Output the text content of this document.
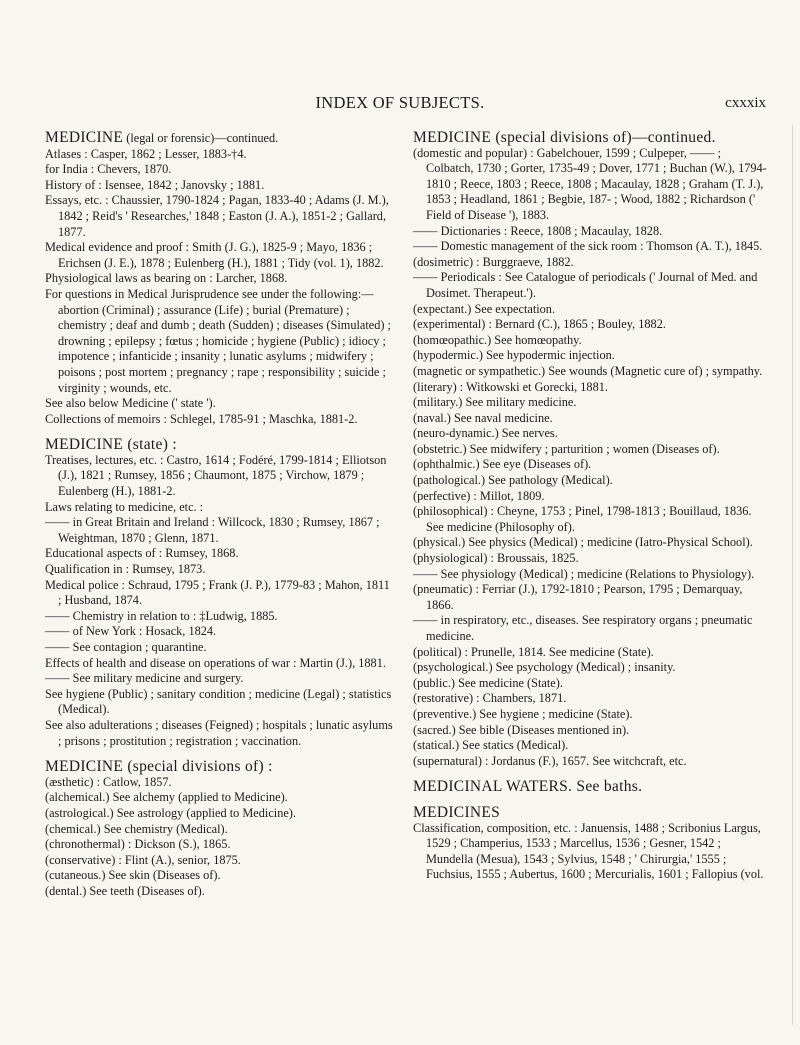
INDEX OF SUBJECTS.	cxxxix

MEDICINE (legal or forensic)—continued.

Atlases : Casper, 1862 ; Lesser, 1883-†4.

for India : Chevers, 1870.

History of : Isensee, 1842 ; Janovsky ; 1881.

Essays, etc. : Chaussier, 1790-1824 ; Pagan, 1833-40 ; Adams (J. M.), 1842 ; Reid's ' Researches,' 1848 ; Easton (J. A.), 1851-2 ; Gallard, 1877.

Medical evidence and proof : Smith (J. G.), 1825-9 ; Mayo, 1836 ; Erichsen (J. E.), 1878 ; Eulenberg (H.), 1881 ; Tidy (vol. 1), 1882.

Physiological laws as bearing on : Larcher, 1868.

For questions in Medical Jurisprudence see under the following:—abortion (Criminal) ; assurance (Life) ; burial (Premature) ; chemistry ; deaf and dumb ; death (Sudden) ; diseases (Simulated) ; drowning ; epilepsy ; fœtus ; homicide ; hygiene (Public) ; idiocy ; impotence ; infanticide ; insanity ; lunatic asylums ; midwifery ; poisons ; post mortem ; pregnancy ; rape ; responsibility ; suicide ; virginity ; wounds, etc.

See also below Medicine (' state ').

Collections of memoirs : Schlegel, 1785-91 ; Maschka, 1881-2.

MEDICINE (state) :

Treatises, lectures, etc. : Castro, 1614 ; Fodéré, 1799-1814 ; Elliotson (J.), 1821 ; Rumsey, 1856 ; Chaumont, 1875 ; Virchow, 1879 ; Eulenberg (H.), 1881-2.

Laws relating to medicine, etc. :

—— in Great Britain and Ireland : Willcock, 1830 ; Rumsey, 1867 ; Weightman, 1870 ; Glenn, 1871.

Educational aspects of : Rumsey, 1868.

Qualification in : Rumsey, 1873.

Medical police : Schraud, 1795 ; Frank (J. P.), 1779-83 ; Mahon, 1811 ; Husband, 1874.

—— Chemistry in relation to : ‡Ludwig, 1885.

—— of New York : Hosack, 1824.

—— See contagion ; quarantine.

Effects of health and disease on operations of war : Martin (J.), 1881.

—— See military medicine and surgery.

See hygiene (Public) ; sanitary condition ; medicine (Legal) ; statistics (Medical).

See also adulterations ; diseases (Feigned) ; hospitals ; lunatic asylums ; prisons ; prostitution ; registration ; vaccination.

MEDICINE (special divisions of) :

(æsthetic) : Catlow, 1857.

(alchemical.) See alchemy (applied to Medicine).

(astrological.) See astrology (applied to Medicine).

(chemical.) See chemistry (Medical).

(chronothermal) : Dickson (S.), 1865.

(conservative) : Flint (A.), senior, 1875.

(cutaneous.) See skin (Diseases of).

(dental.) See teeth (Diseases of).

MEDICINE (special divisions of)—continued.

(domestic and popular) : Gabelchouer, 1599 ; Culpeper, —— ; Colbatch, 1730 ; Gorter, 1735-49 ; Dover, 1771 ; Buchan (W.), 1794-1810 ; Reece, 1803 ; Reece, 1808 ; Macaulay, 1828 ; Graham (T. J.), 1853 ; Headland, 1861 ; Begbie, 187- ; Wood, 1882 ; Richardson (' Field of Disease '), 1883.

—— Dictionaries : Reece, 1808 ; Macaulay, 1828.

—— Domestic management of the sick room : Thomson (A. T.), 1845.

(dosimetric) : Burggraeve, 1882.

—— Periodicals : See Catalogue of periodicals (' Journal of Med. and Dosimet. Therapeut.').

(expectant.) See expectation.

(experimental) : Bernard (C.), 1865 ; Bouley, 1882.

(homœopathic.) See homœopathy.

(hypodermic.) See hypodermic injection.

(magnetic or sympathetic.) See wounds (Magnetic cure of) ; sympathy.

(literary) : Witkowski et Gorecki, 1881.

(military.) See military medicine.

(naval.) See naval medicine.

(neuro-dynamic.) See nerves.

(obstetric.) See midwifery ; parturition ; women (Diseases of).

(ophthalmic.) See eye (Diseases of).

(pathological.) See pathology (Medical).

(perfective) : Millot, 1809.

(philosophical) : Cheyne, 1753 ; Pinel, 1798-1813 ; Bouillaud, 1836. See medicine (Philosophy of).

(physical.) See physics (Medical) ; medicine (Iatro-Physical School).

(physiological) : Broussais, 1825.

—— See physiology (Medical) ; medicine (Relations to Physiology).

(pneumatic) : Ferriar (J.), 1792-1810 ; Pearson, 1795 ; Demarquay, 1866.

—— in respiratory, etc., diseases. See respiratory organs ; pneumatic medicine.

(political) : Prunelle, 1814. See medicine (State).

(psychological.) See psychology (Medical) ; insanity.

(public.) See medicine (State).

(restorative) : Chambers, 1871.

(preventive.) See hygiene ; medicine (State).

(sacred.) See bible (Diseases mentioned in).

(statical.) See statics (Medical).

(supernatural) : Jordanus (F.), 1657. See witchcraft, etc.

MEDICINAL WATERS. See baths.

MEDICINES

Classification, composition, etc. : Januensis, 1488 ; Scribonius Largus, 1529 ; Champerius, 1533 ; Marcellus, 1536 ; Gesner, 1542 ; Mundella (Mesua), 1543 ; Sylvius, 1548 ; ' Chirurgia,' 1555 ; Fuchsius, 1555 ; Aubertus, 1600 ; Mercurialis, 1601 ; Fallopius (vol.
